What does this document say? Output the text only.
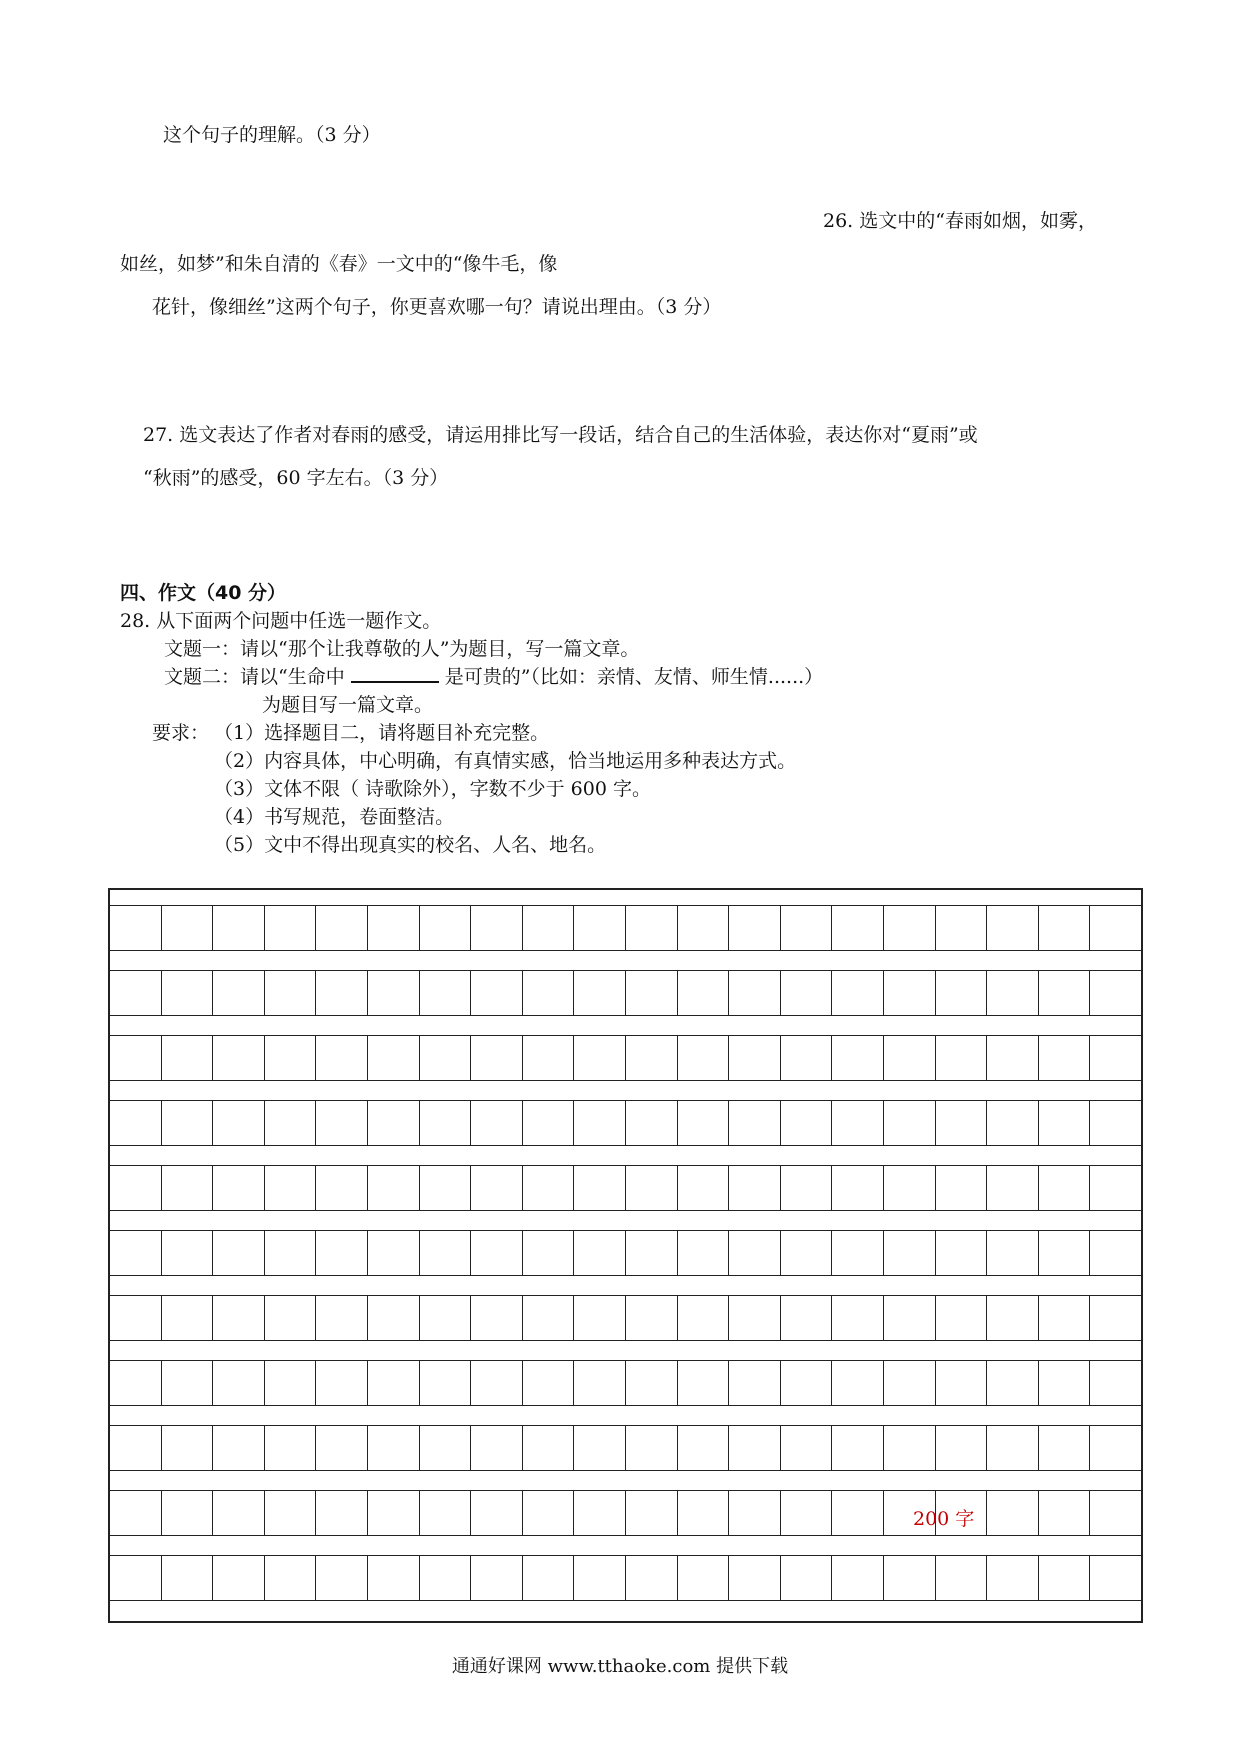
这个句子的理解。（3 分）
26. 选文中的“春雨如烟，如雾，
如丝，如梦”和朱自清的《春》一文中的“像牛毛，像
花针，像细丝”这两个句子，你更喜欢哪一句？请说出理由。（3 分）
27. 选文表达了作者对春雨的感受，请运用排比写一段话，结合自己的生活体验，表达你对“夏雨”或
“秋雨”的感受，60 字左右。（3 分）
四、作文（40 分）
28. 从下面两个问题中任选一题作文。
文题一：请以“那个让我尊敬的人”为题目，写一篇文章。
文题二：请以“生命中	是可贵的”（比如：亲情、友情、师生情......）
为题目写一篇文章。
要求： （1）选择题目二，请将题目补充完整。
（2）内容具体，中心明确，有真情实感，恰当地运用多种表达方式。
（3）文体不限（ 诗歌除外），字数不少于 600 字。
（4）书写规范，卷面整洁。
（5）文中不得出现真实的校名、人名、地名。
200 字
通通好课网 www.tthaoke.com 提供下载
